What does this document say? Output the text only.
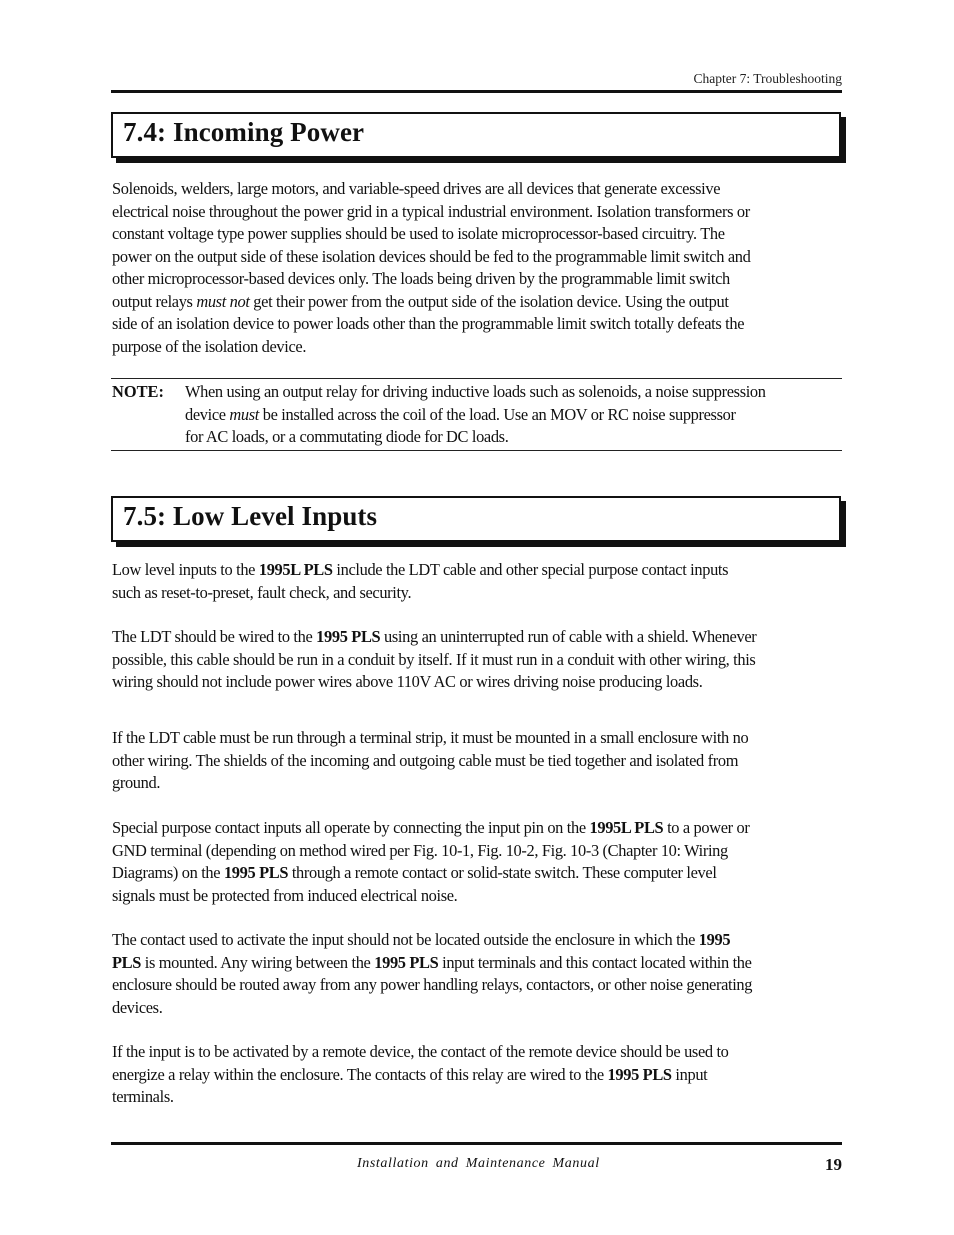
Chapter 7: Troubleshooting
7.4: Incoming Power
Solenoids, welders, large motors, and variable-speed drives are all devices that generate excessive
electrical noise throughout the power grid in a typical industrial environment. Isolation transformers or
constant voltage type power supplies should be used to isolate microprocessor-based circuitry. The
power on the output side of these isolation devices should be fed to the programmable limit switch and
other microprocessor-based devices only. The loads being driven by the programmable limit switch
output relays must not get their power from the output side of the isolation device. Using the output
side of an isolation device to power loads other than the programmable limit switch totally defeats the
purpose of the isolation device.
NOTE: When using an output relay for driving inductive loads such as solenoids, a noise suppression
device must be installed across the coil of the load. Use an MOV or RC noise suppressor
for AC loads, or a commutating diode for DC loads.
7.5: Low Level Inputs
Low level inputs to the 1995L PLS include the LDT cable and other special purpose contact inputs
such as reset-to-preset, fault check, and security.
The LDT should be wired to the 1995 PLS using an uninterrupted run of cable with a shield. Whenever
possible, this cable should be run in a conduit by itself. If it must run in a conduit with other wiring, this
wiring should not include power wires above 110V AC or wires driving noise producing loads.
If the LDT cable must be run through a terminal strip, it must be mounted in a small enclosure with no
other wiring. The shields of the incoming and outgoing cable must be tied together and isolated from
ground.
Special purpose contact inputs all operate by connecting the input pin on the 1995L PLS to a power or
GND terminal (depending on method wired per Fig. 10-1, Fig. 10-2, Fig. 10-3 (Chapter 10: Wiring
Diagrams) on the 1995 PLS through a remote contact or solid-state switch. These computer level
signals must be protected from induced electrical noise.
The contact used to activate the input should not be located outside the enclosure in which the 1995
PLS is mounted. Any wiring between the 1995 PLS input terminals and this contact located within the
enclosure should be routed away from any power handling relays, contactors, or other noise generating
devices.
If the input is to be activated by a remote device, the contact of the remote device should be used to
energize a relay within the enclosure. The contacts of this relay are wired to the 1995 PLS input
terminals.
Installation and Maintenance Manual	19
